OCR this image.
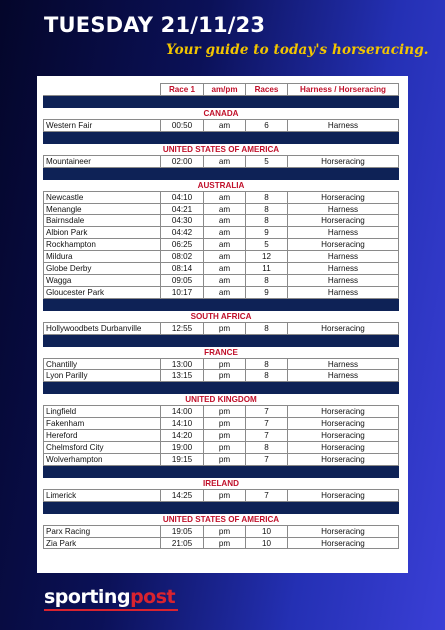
TUESDAY 21/11/23
Your guide to today's horseracing.
	Race 1	am/pm	Races	Harness / Horseracing

CANADA				
Western Fair	00:50	am	6	Harness

UNITED STATES OF AMERICA				
Mountaineer	02:00	am	5	Horseracing

AUSTRALIA				
Newcastle	04:10	am	8	Horseracing
Menangle	04:21	am	8	Harness
Bairnsdale	04:30	am	8	Horseracing
Albion Park	04:42	am	9	Harness
Rockhampton	06:25	am	5	Horseracing
Mildura	08:02	am	12	Harness
Globe Derby	08:14	am	11	Harness
Wagga	09:05	am	8	Harness
Gloucester Park	10:17	am	9	Harness

SOUTH AFRICA				
Hollywoodbets Durbanville	12:55	pm	8	Horseracing

FRANCE				
Chantilly	13:00	pm	8	Harness
Lyon Parilly	13:15	pm	8	Harness

UNITED KINGDOM				
Lingfield	14:00	pm	7	Horseracing
Fakenham	14:10	pm	7	Horseracing
Hereford	14:20	pm	7	Horseracing
Chelmsford City	19:00	pm	8	Horseracing
Wolverhampton	19:15	pm	7	Horseracing

IRELAND				
Limerick	14:25	pm	7	Horseracing

UNITED STATES OF AMERICA				
Parx Racing	19:05	pm	10	Horseracing
Zia Park	21:05	pm	10	Horseracing
sportingpost
